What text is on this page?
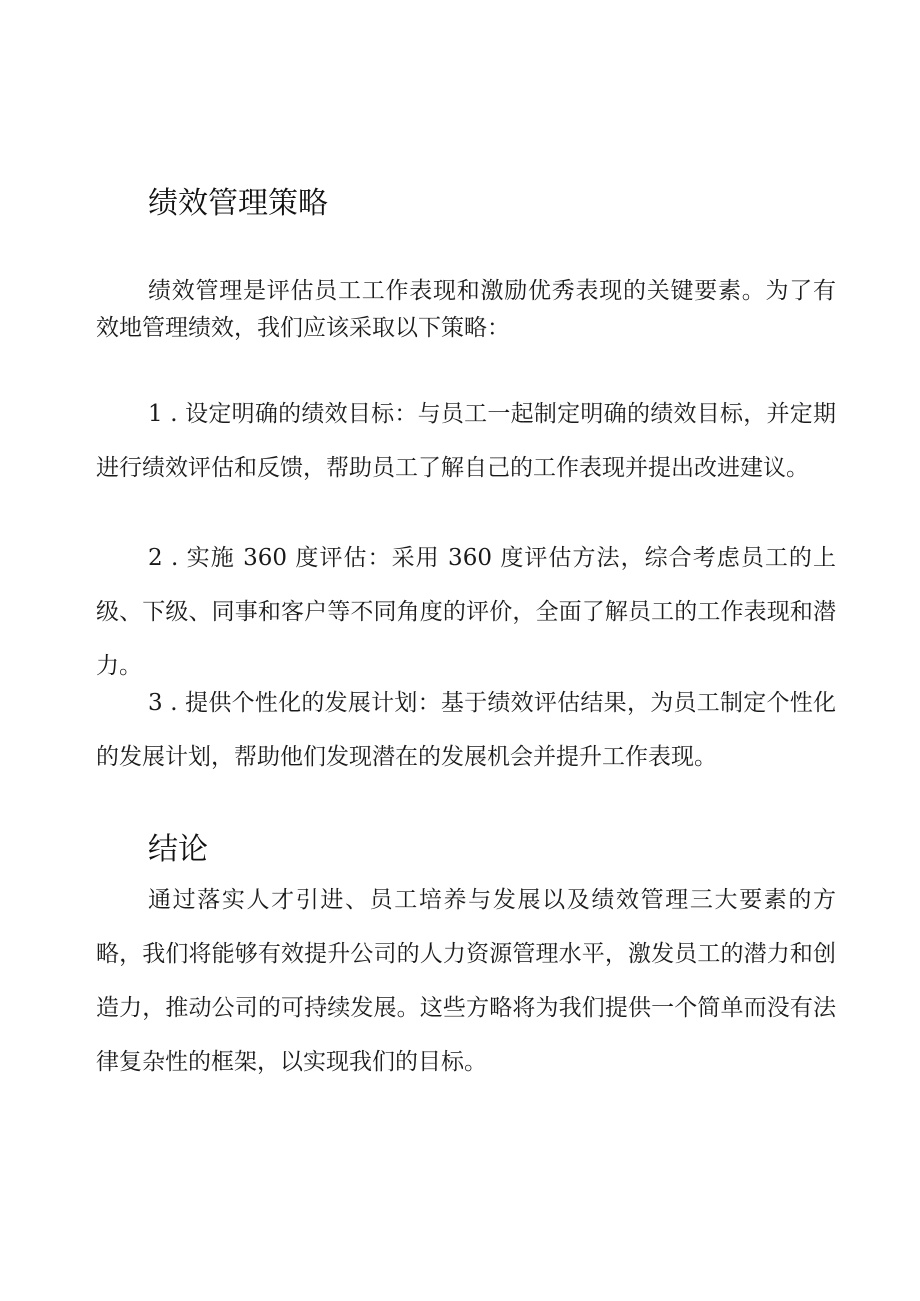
绩效管理策略

绩效管理是评估员工工作表现和激励优秀表现的关键要素。为了有效地管理绩效，我们应该采取以下策略：

1 . 设定明确的绩效目标：与员工一起制定明确的绩效目标，并定期进行绩效评估和反馈，帮助员工了解自己的工作表现并提出改进建议。

2 . 实施 360 度评估：采用 360 度评估方法，综合考虑员工的上级、下级、同事和客户等不同角度的评价，全面了解员工的工作表现和潜力。

3 . 提供个性化的发展计划：基于绩效评估结果，为员工制定个性化的发展计划，帮助他们发现潜在的发展机会并提升工作表现。

结论

通过落实人才引进、员工培养与发展以及绩效管理三大要素的方略，我们将能够有效提升公司的人力资源管理水平，激发员工的潜力和创造力，推动公司的可持续发展。这些方略将为我们提供一个简单而没有法律复杂性的框架，以实现我们的目标。
